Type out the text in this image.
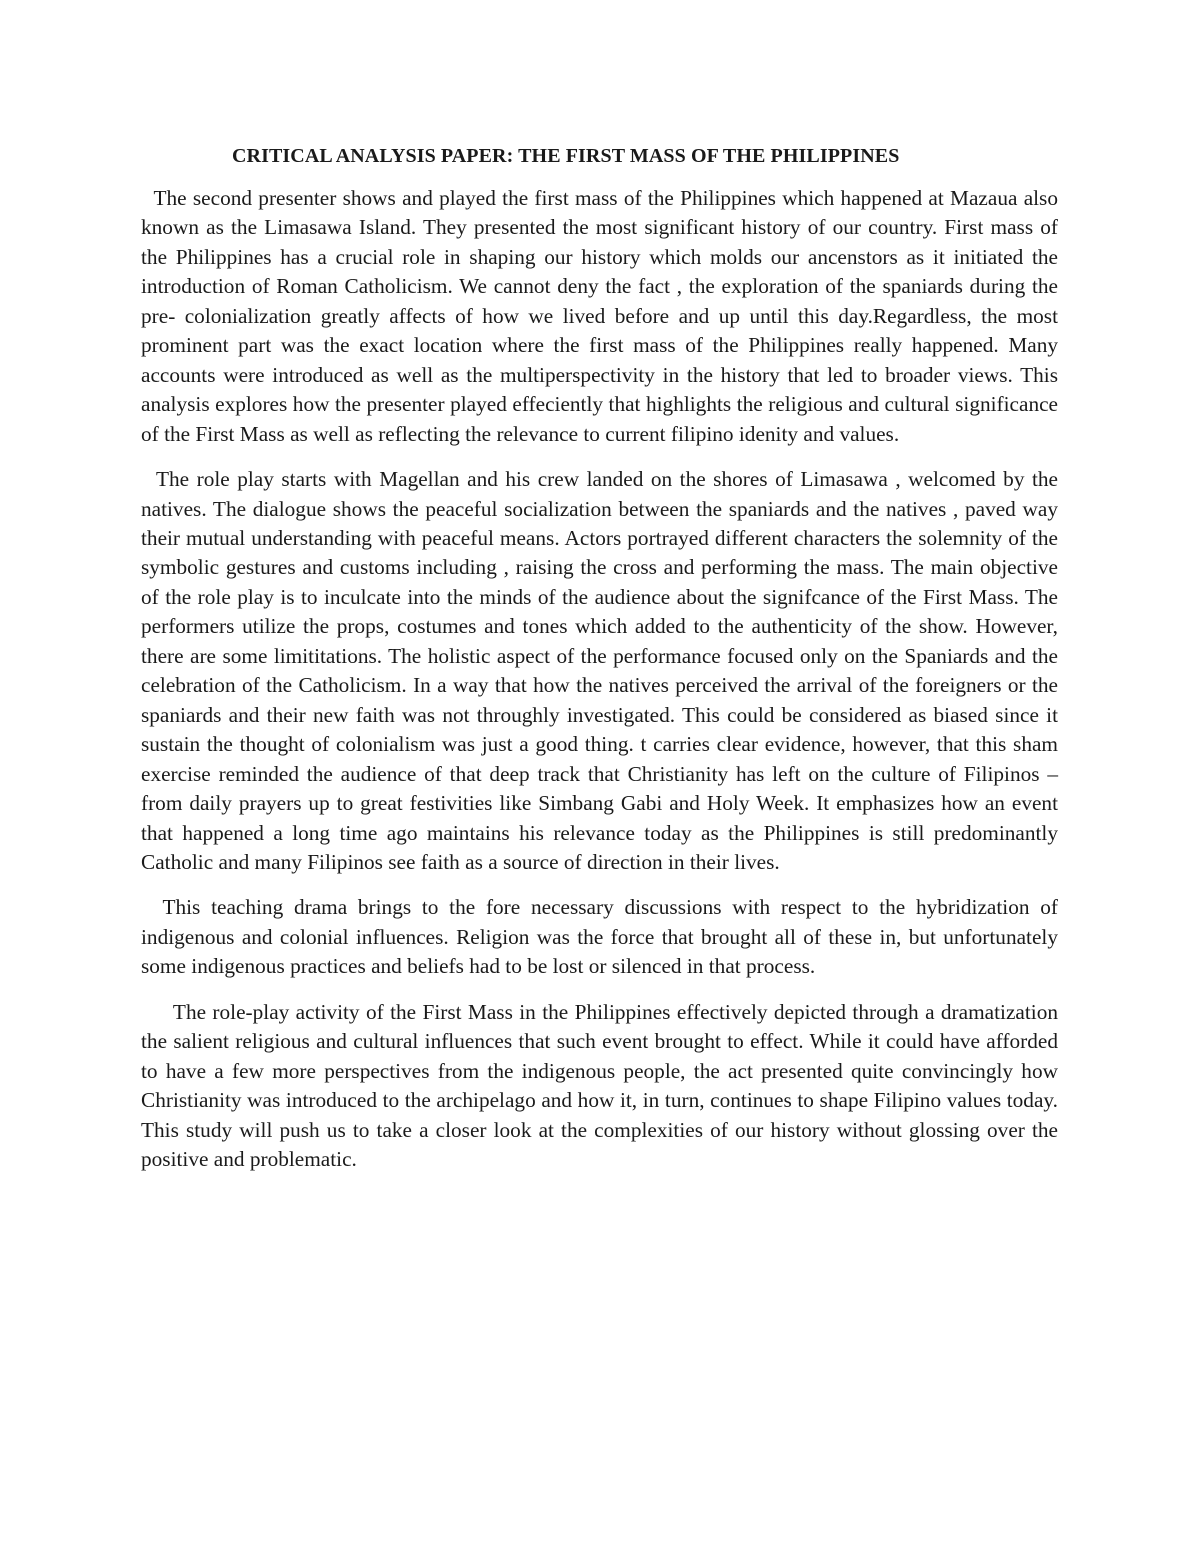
CRITICAL ANALYSIS PAPER: THE FIRST MASS OF THE PHILIPPINES

The second presenter shows and played the first mass of the Philippines which happened at Mazaua also known as the Limasawa Island. They presented the most significant history of our country. First mass of the Philippines has a crucial role in shaping our history which molds our ancenstors as it initiated the introduction of Roman Catholicism. We cannot deny the fact , the exploration of the spaniards during the pre- colonialization greatly affects of how we lived before and up until this day.Regardless, the most prominent part was the exact location where the first mass of the Philippines really happened. Many accounts were introduced as well as the multiperspectivity in the history that led to broader views. This analysis explores how the presenter played effeciently that highlights the religious and cultural significance of the First Mass as well as reflecting the relevance to current filipino idenity and values.

The role play starts with Magellan and his crew landed on the shores of Limasawa , welcomed by the natives. The dialogue shows the peaceful socialization between the spaniards and the natives , paved way their mutual understanding with peaceful means. Actors portrayed different characters the solemnity of the symbolic gestures and customs including , raising the cross and performing the mass. The main objective of the role play is to inculcate into the minds of the audience about the signifcance of the First Mass. The performers utilize the props, costumes and tones which added to the authenticity of the show. However, there are some limititations. The holistic aspect of the performance focused only on the Spaniards and the celebration of the Catholicism. In a way that how the natives perceived the arrival of the foreigners or the spaniards and their new faith was not throughly investigated. This could be considered as biased since it sustain the thought of colonialism was just a good thing. t carries clear evidence, however, that this sham exercise reminded the audience of that deep track that Christianity has left on the culture of Filipinos – from daily prayers up to great festivities like Simbang Gabi and Holy Week. It emphasizes how an event that happened a long time ago maintains his relevance today as the Philippines is still predominantly Catholic and many Filipinos see faith as a source of direction in their lives.

This teaching drama brings to the fore necessary discussions with respect to the hybridization of indigenous and colonial influences. Religion was the force that brought all of these in, but unfortunately some indigenous practices and beliefs had to be lost or silenced in that process.

The role-play activity of the First Mass in the Philippines effectively depicted through a dramatization the salient religious and cultural influences that such event brought to effect. While it could have afforded to have a few more perspectives from the indigenous people, the act presented quite convincingly how Christianity was introduced to the archipelago and how it, in turn, continues to shape Filipino values today. This study will push us to take a closer look at the complexities of our history without glossing over the positive and problematic.
